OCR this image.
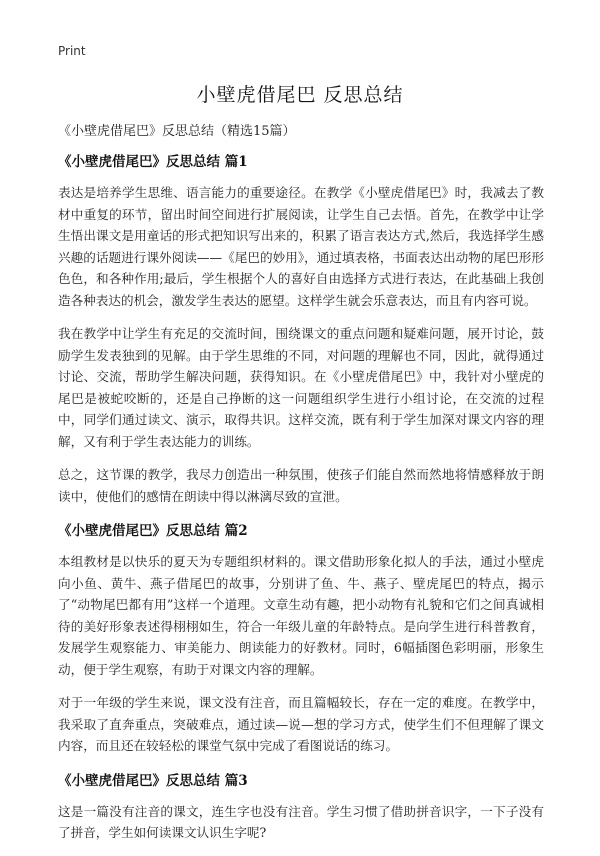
Print
小壁虎借尾巴 反思总结
《小壁虎借尾巴》反思总结（精选15篇）
《小壁虎借尾巴》反思总结 篇1

表达是培养学生思维、语言能力的重要途径。在教学《小壁虎借尾巴》时，我减去了教材中重复的环节，留出时间空间进行扩展阅读，让学生自己去悟。首先，在教学中让学生悟出课文是用童话的形式把知识写出来的，积累了语言表达方式,然后，我选择学生感兴趣的话题进行课外阅读——《尾巴的妙用》，通过填表格，书面表达出动物的尾巴形形色色，和各种作用;最后，学生根据个人的喜好自由选择方式进行表达，在此基础上我创造各种表达的机会，激发学生表达的愿望。这样学生就会乐意表达，而且有内容可说。

我在教学中让学生有充足的交流时间，围绕课文的重点问题和疑难问题，展开讨论，鼓励学生发表独到的见解。由于学生思维的不同，对问题的理解也不同，因此，就得通过讨论、交流，帮助学生解决问题，获得知识。在《小壁虎借尾巴》中，我针对小壁虎的尾巴是被蛇咬断的，还是自己挣断的这一问题组织学生进行小组讨论，在交流的过程中，同学们通过读文、演示，取得共识。这样交流，既有利于学生加深对课文内容的理解，又有利于学生表达能力的训练。

总之，这节课的教学，我尽力创造出一种氛围，使孩子们能自然而然地将情感释放于朗读中，使他们的感情在朗读中得以淋漓尽致的宣泄。

《小壁虎借尾巴》反思总结 篇2

本组教材是以快乐的夏天为专题组织材料的。课文借助形象化拟人的手法，通过小壁虎向小鱼、黄牛、燕子借尾巴的故事，分别讲了鱼、牛、燕子、壁虎尾巴的特点，揭示了“动物尾巴都有用”这样一个道理。文章生动有趣，把小动物有礼貌和它们之间真诚相待的美好形象表述得栩栩如生，符合一年级儿童的年龄特点。是向学生进行科普教育，发展学生观察能力、审美能力、朗读能力的好教材。同时，6幅插图色彩明丽，形象生动，便于学生观察，有助于对课文内容的理解。

对于一年级的学生来说，课文没有注音，而且篇幅较长，存在一定的难度。在教学中，我采取了直奔重点，突破难点，通过读—说—想的学习方式，使学生们不但理解了课文内容，而且还在较轻松的课堂气氛中完成了看图说话的练习。

《小壁虎借尾巴》反思总结 篇3

这是一篇没有注音的课文，连生字也没有注音。学生习惯了借助拼音识字，一下子没有了拼音，学生如何读课文认识生字呢?
